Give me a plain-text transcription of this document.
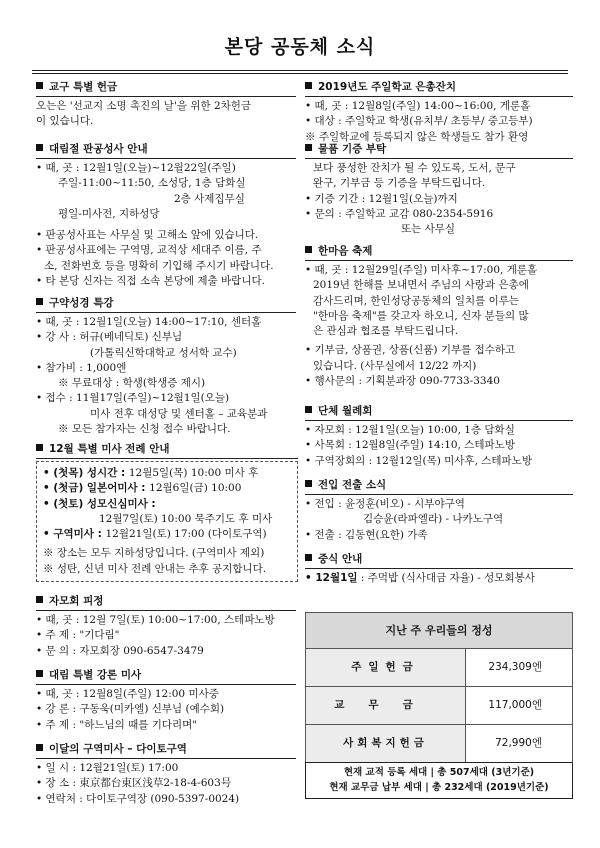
본당 공동체 소식
교구 특별 헌금
오는은 '선교지 소명 촉진의 날'을 위한 2차헌금
이 있습니다.
대림절 판공성사 안내
• 때, 곳 : 12월1일(오늘)~12월22일(주일)
주일-11:00~11:50, 소성당, 1층 담화실
2층 사제집무실
평일-미사전, 지하성당
• 판공성사표는 사무실 및 고해소 앞에 있습니다.
• 판공성사표에는 구역명, 교적상 세대주 이름, 주
소, 전화번호 등을 명확히 기입해 주시기 바랍니다.
• 타 본당 신자는 직접 소속 본당에 제출 바랍니다.
구약성경 특강
• 때, 곳 : 12월1일(오늘) 14:00~17:10, 센터홀
• 강 사 : 허규(베네딕토) 신부님
(가톨릭신학대학교 성서학 교수)
• 참가비 : 1,000엔
※ 무료대상 : 학생(학생증 제시)
• 접수 : 11월17일(주일)~12월1일(오늘)
미사 전후 대성당 및 센터홀 – 교육분과
※ 모든 참가자는 신청 접수 바랍니다.
12월 특별 미사 전례 안내
• (첫목) 성시간 : 12월5일(목) 10:00 미사 후
• (첫금) 일본어미사 : 12월6일(금) 10:00
• (첫토) 성모신심미사 :
12월7일(토) 10:00 묵주기도 후 미사
• 구역미사 : 12월21일(토) 17:00 (다이토구역)
※ 장소는 모두 지하성당입니다. (구역미사 제외)
※ 성탄, 신년 미사 전례 안내는 추후 공지합니다.
자모회 피정
• 때, 곳 : 12월 7일(토) 10:00~17:00, 스테파노방
• 주 제 : "기다림"
• 문 의 : 자모회장 090-6547-3479
대림 특별 강론 미사
• 때, 곳 : 12월8일(주일) 12:00 미사중
• 강 론 : 구동욱(미카엘) 신부님 (예수회)
• 주 제 : "하느님의 때를 기다리며"
이달의 구역미사 – 다이토구역
• 일 시 : 12월21일(토) 17:00
• 장 소 : 東京都台東区浅草2-18-4-603号
• 연락처 : 다이토구역장 (090-5397-0024)
2019년도 주일학교 은총잔치
• 때, 곳 : 12월8일(주일) 14:00~16:00, 게룬홀
• 대상 : 주일학교 학생(유치부/ 초등부/ 중고등부)
※ 주일학교에 등록되지 않은 학생들도 참가 환영
물품 기증 부탁
보다 풍성한 잔치가 될 수 있도록, 도서, 문구
완구, 기부금 등 기증을 부탁드립니다.
• 기증 기간 : 12월1일(오늘)까지
• 문의 : 주일학교 교감 080-2354-5916
또는 사무실
한마음 축제
• 때, 곳 : 12월29일(주일) 미사후~17:00, 게룬홀
2019년 한해를 보내면서 주님의 사랑과 은총에
감사드리며, 한인성당공동체의 일치를 이루는
"한마음 축제"를 갖고자 하오니, 신자 분들의 많
은 관심과 협조를 부탁드립니다.
• 기부금, 상품권, 상품(신품) 기부를 접수하고
있습니다. (사무실에서 12/22 까지)
• 행사문의 : 기획분과장 090-7733-3340
단체 월례회
• 자모회 : 12월1일(오늘) 10:00, 1층 담화실
• 사목회 : 12월8일(주일) 14:10, 스테파노방
• 구역장회의 : 12월12일(목) 미사후, 스테파노방
전입 전출 소식
• 전입 : 윤정훈(비오) - 시부야구역
김승윤(라파엘라) - 나카노구역
• 전출 : 김동현(요한) 가족
중식 안내
• 12월1일 : 주먹밥 (식사대금 자율) - 성모회봉사
지난 주 우리들의 정성	
주일헌금	234,309엔
교무금	117,000엔
사회복지헌금	72,990엔
현재 교적 등록 세대 | 총 507세대 (3년기준)
현재 교무금 납부 세대 | 총 232세대 (2019년기준)
